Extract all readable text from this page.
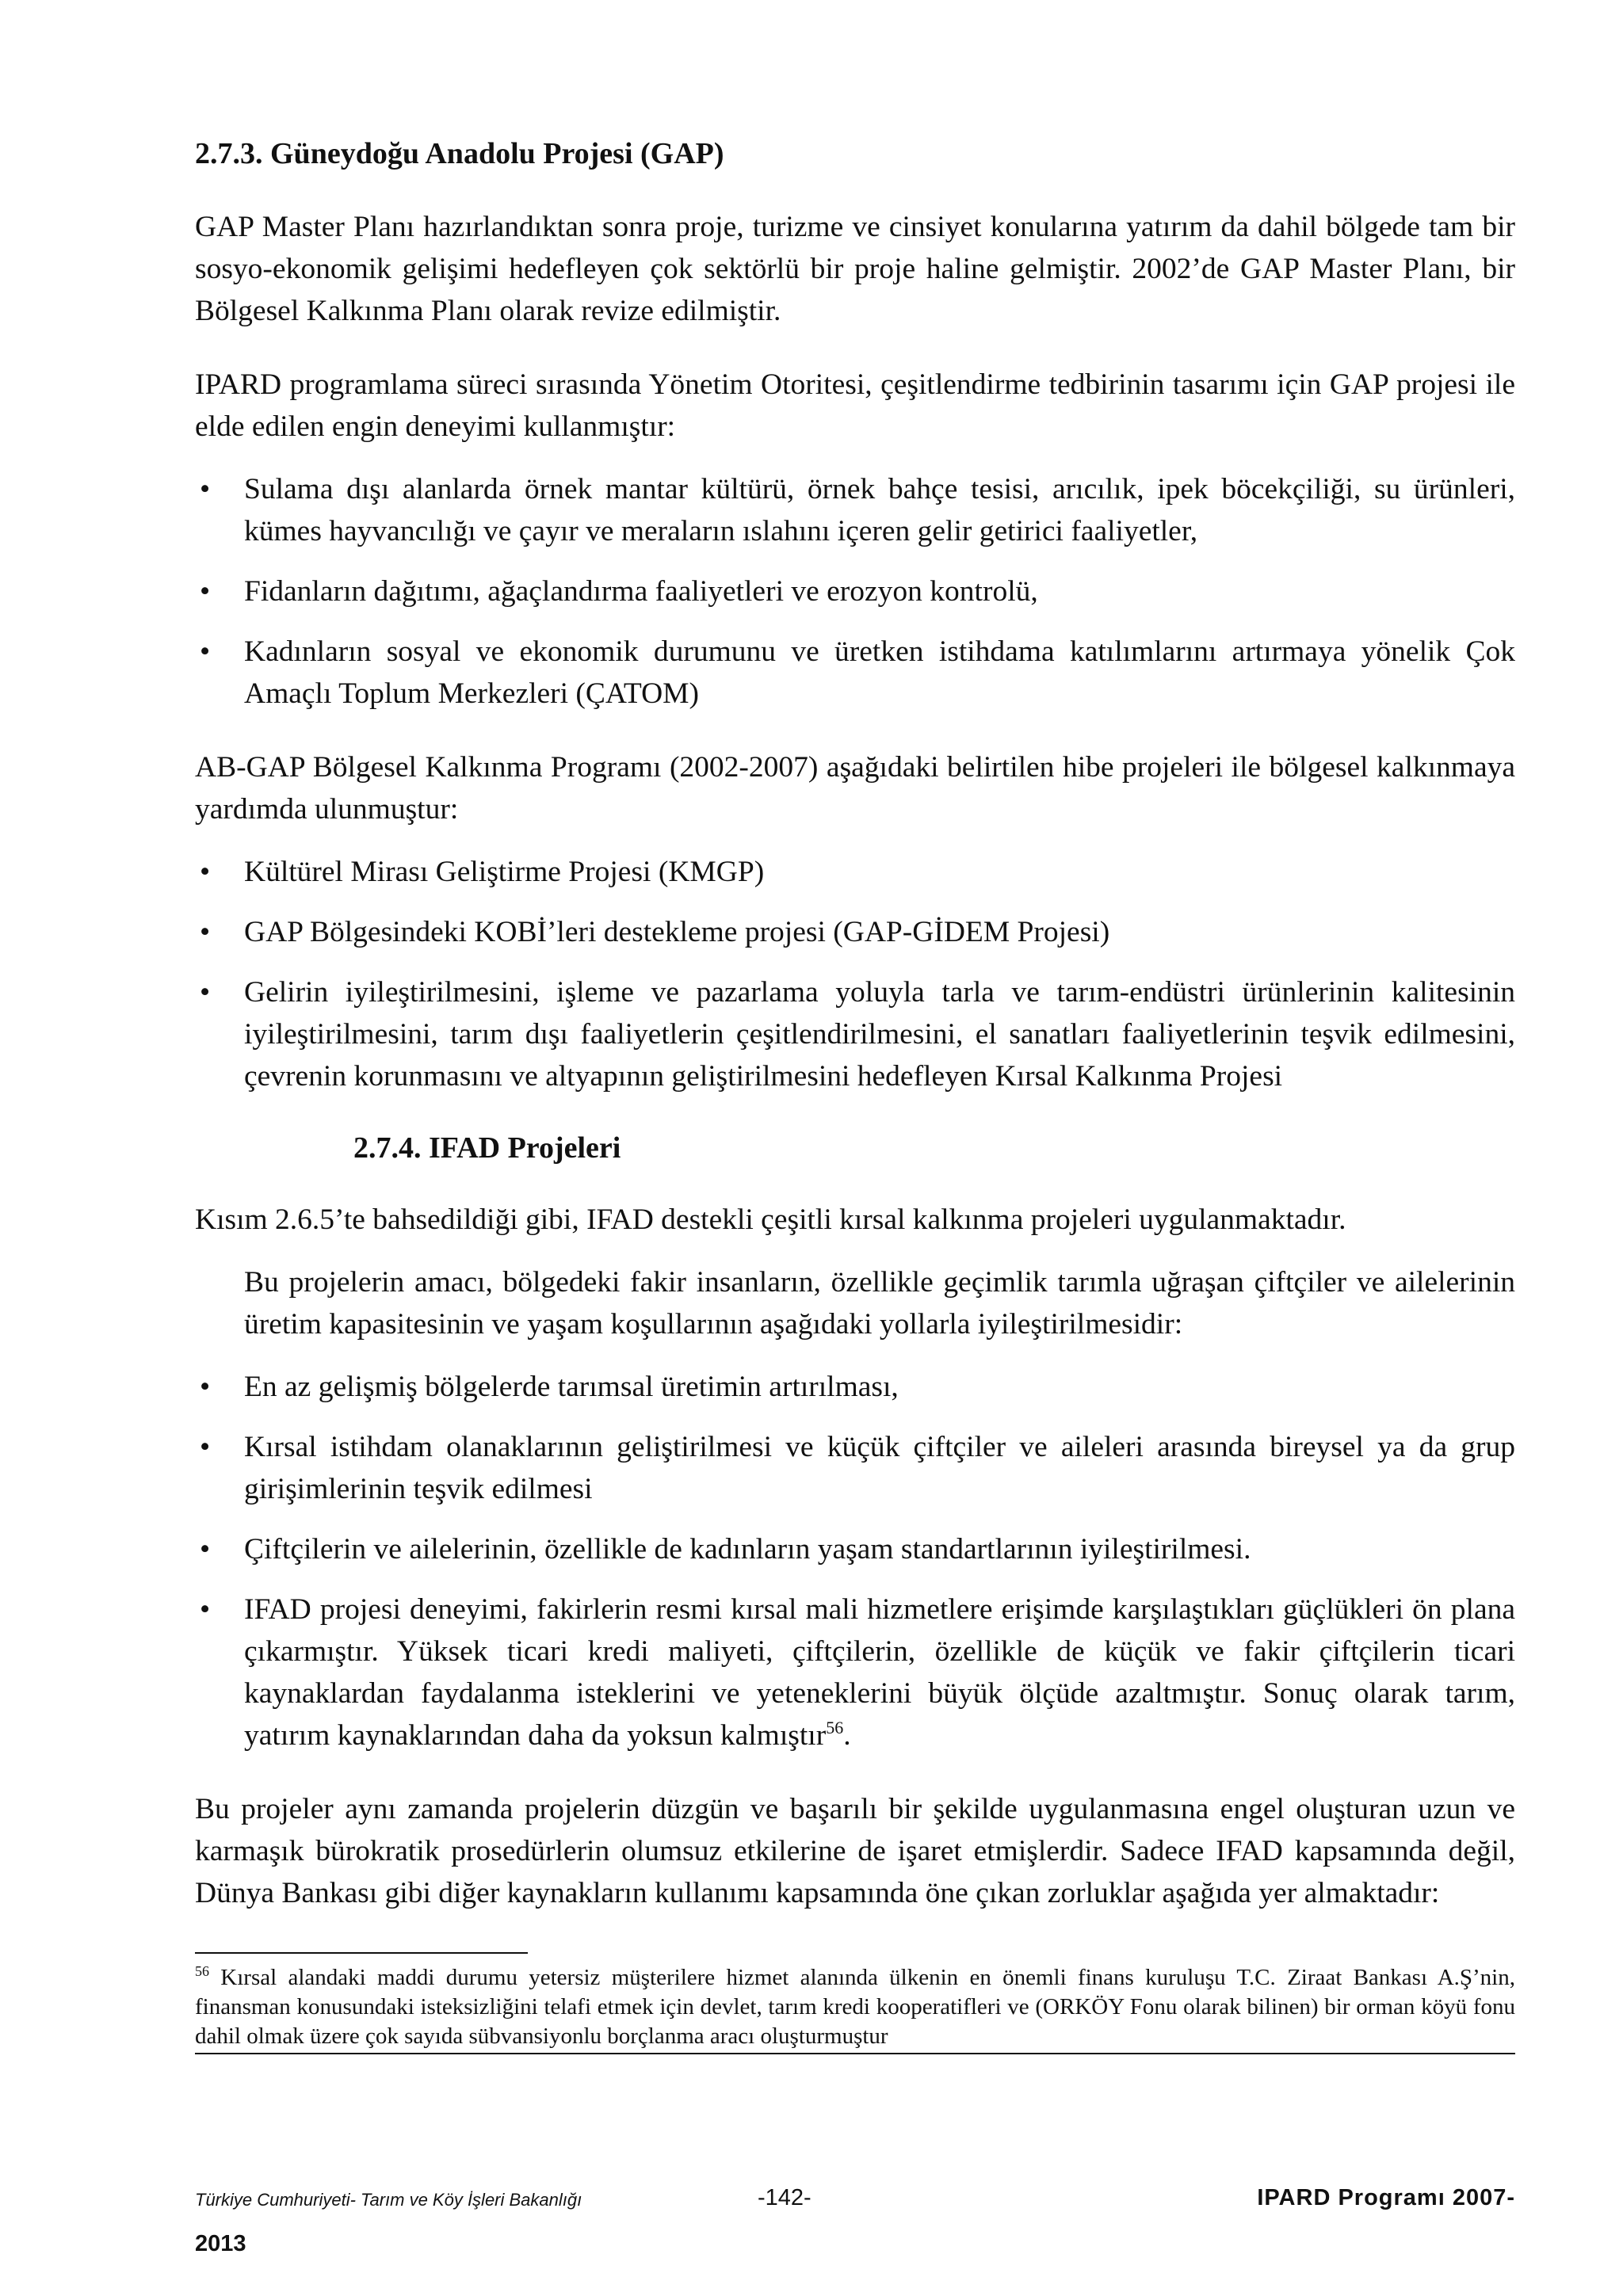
2.7.3. Güneydoğu Anadolu Projesi (GAP)

GAP Master Planı hazırlandıktan sonra proje, turizme ve cinsiyet konularına yatırım da dahil bölgede tam bir sosyo-ekonomik gelişimi hedefleyen çok sektörlü bir proje haline gelmiştir. 2002’de GAP Master Planı, bir Bölgesel Kalkınma Planı olarak revize edilmiştir.

IPARD programlama süreci sırasında Yönetim Otoritesi, çeşitlendirme tedbirinin tasarımı için GAP projesi ile elde edilen engin deneyimi kullanmıştır:

• Sulama dışı alanlarda örnek mantar kültürü, örnek bahçe tesisi, arıcılık, ipek böcekçiliği, su ürünleri, kümes hayvancılığı ve çayır ve meraların ıslahını içeren gelir getirici faaliyetler,
• Fidanların dağıtımı, ağaçlandırma faaliyetleri ve erozyon kontrolü,
• Kadınların sosyal ve ekonomik durumunu ve üretken istihdama katılımlarını artırmaya yönelik Çok Amaçlı Toplum Merkezleri (ÇATOM)

AB-GAP Bölgesel Kalkınma Programı (2002-2007) aşağıdaki belirtilen hibe projeleri ile bölgesel kalkınmaya yardımda ulunmuştur:

• Kültürel Mirası Geliştirme Projesi (KMGP)
• GAP Bölgesindeki KOBİ’leri destekleme projesi (GAP-GİDEM Projesi)
• Gelirin iyileştirilmesini, işleme ve pazarlama yoluyla tarla ve tarım-endüstri ürünlerinin kalitesinin iyileştirilmesini, tarım dışı faaliyetlerin çeşitlendirilmesini, el sanatları faaliyetlerinin teşvik edilmesini, çevrenin korunmasını ve altyapının geliştirilmesini hedefleyen Kırsal Kalkınma Projesi
2.7.4. IFAD Projeleri

Kısım 2.6.5’te bahsedildiği gibi, IFAD destekli çeşitli kırsal kalkınma projeleri uygulanmaktadır.

Bu projelerin amacı, bölgedeki fakir insanların, özellikle geçimlik tarımla uğraşan çiftçiler ve ailelerinin üretim kapasitesinin ve yaşam koşullarının aşağıdaki yollarla iyileştirilmesidir:

• En az gelişmiş bölgelerde tarımsal üretimin artırılması,
• Kırsal istihdam olanaklarının geliştirilmesi ve küçük çiftçiler ve aileleri arasında bireysel ya da grup girişimlerinin teşvik edilmesi
• Çiftçilerin ve ailelerinin, özellikle de kadınların yaşam standartlarının iyileştirilmesi.
• IFAD projesi deneyimi, fakirlerin resmi kırsal mali hizmetlere erişimde karşılaştıkları güçlükleri ön plana çıkarmıştır. Yüksek ticari kredi maliyeti, çiftçilerin, özellikle de küçük ve fakir çiftçilerin ticari kaynaklardan faydalanma isteklerini ve yeteneklerini büyük ölçüde azaltmıştır. Sonuç olarak tarım, yatırım kaynaklarından daha da yoksun kalmıştır$^{56}$.

Bu projeler aynı zamanda projelerin düzgün ve başarılı bir şekilde uygulanmasına engel oluşturan uzun ve karmaşık bürokratik prosedürlerin olumsuz etkilerine de işaret etmişlerdir. Sadece IFAD kapsamında değil, Dünya Bankası gibi diğer kaynakların kullanımı kapsamında öne çıkan zorluklar aşağıda yer almaktadır:

$^{56}$ Kırsal alandaki maddi durumu yetersiz müşterilere hizmet alanında ülkenin en önemli finans kuruluşu T.C. Ziraat Bankası A.Ş’nin, finansman konusundaki isteksizliğini telafi etmek için devlet, tarım kredi kooperatifleri ve (ORKÖY Fonu olarak bilinen) bir orman köyü fonu dahil olmak üzere çok sayıda sübvansiyonlu borçlanma aracı oluşturmuştur
Türkiye Cumhuriyeti- Tarım ve Köy İşleri Bakanlığı	-142-	IPARD Programı 2007-
2013
